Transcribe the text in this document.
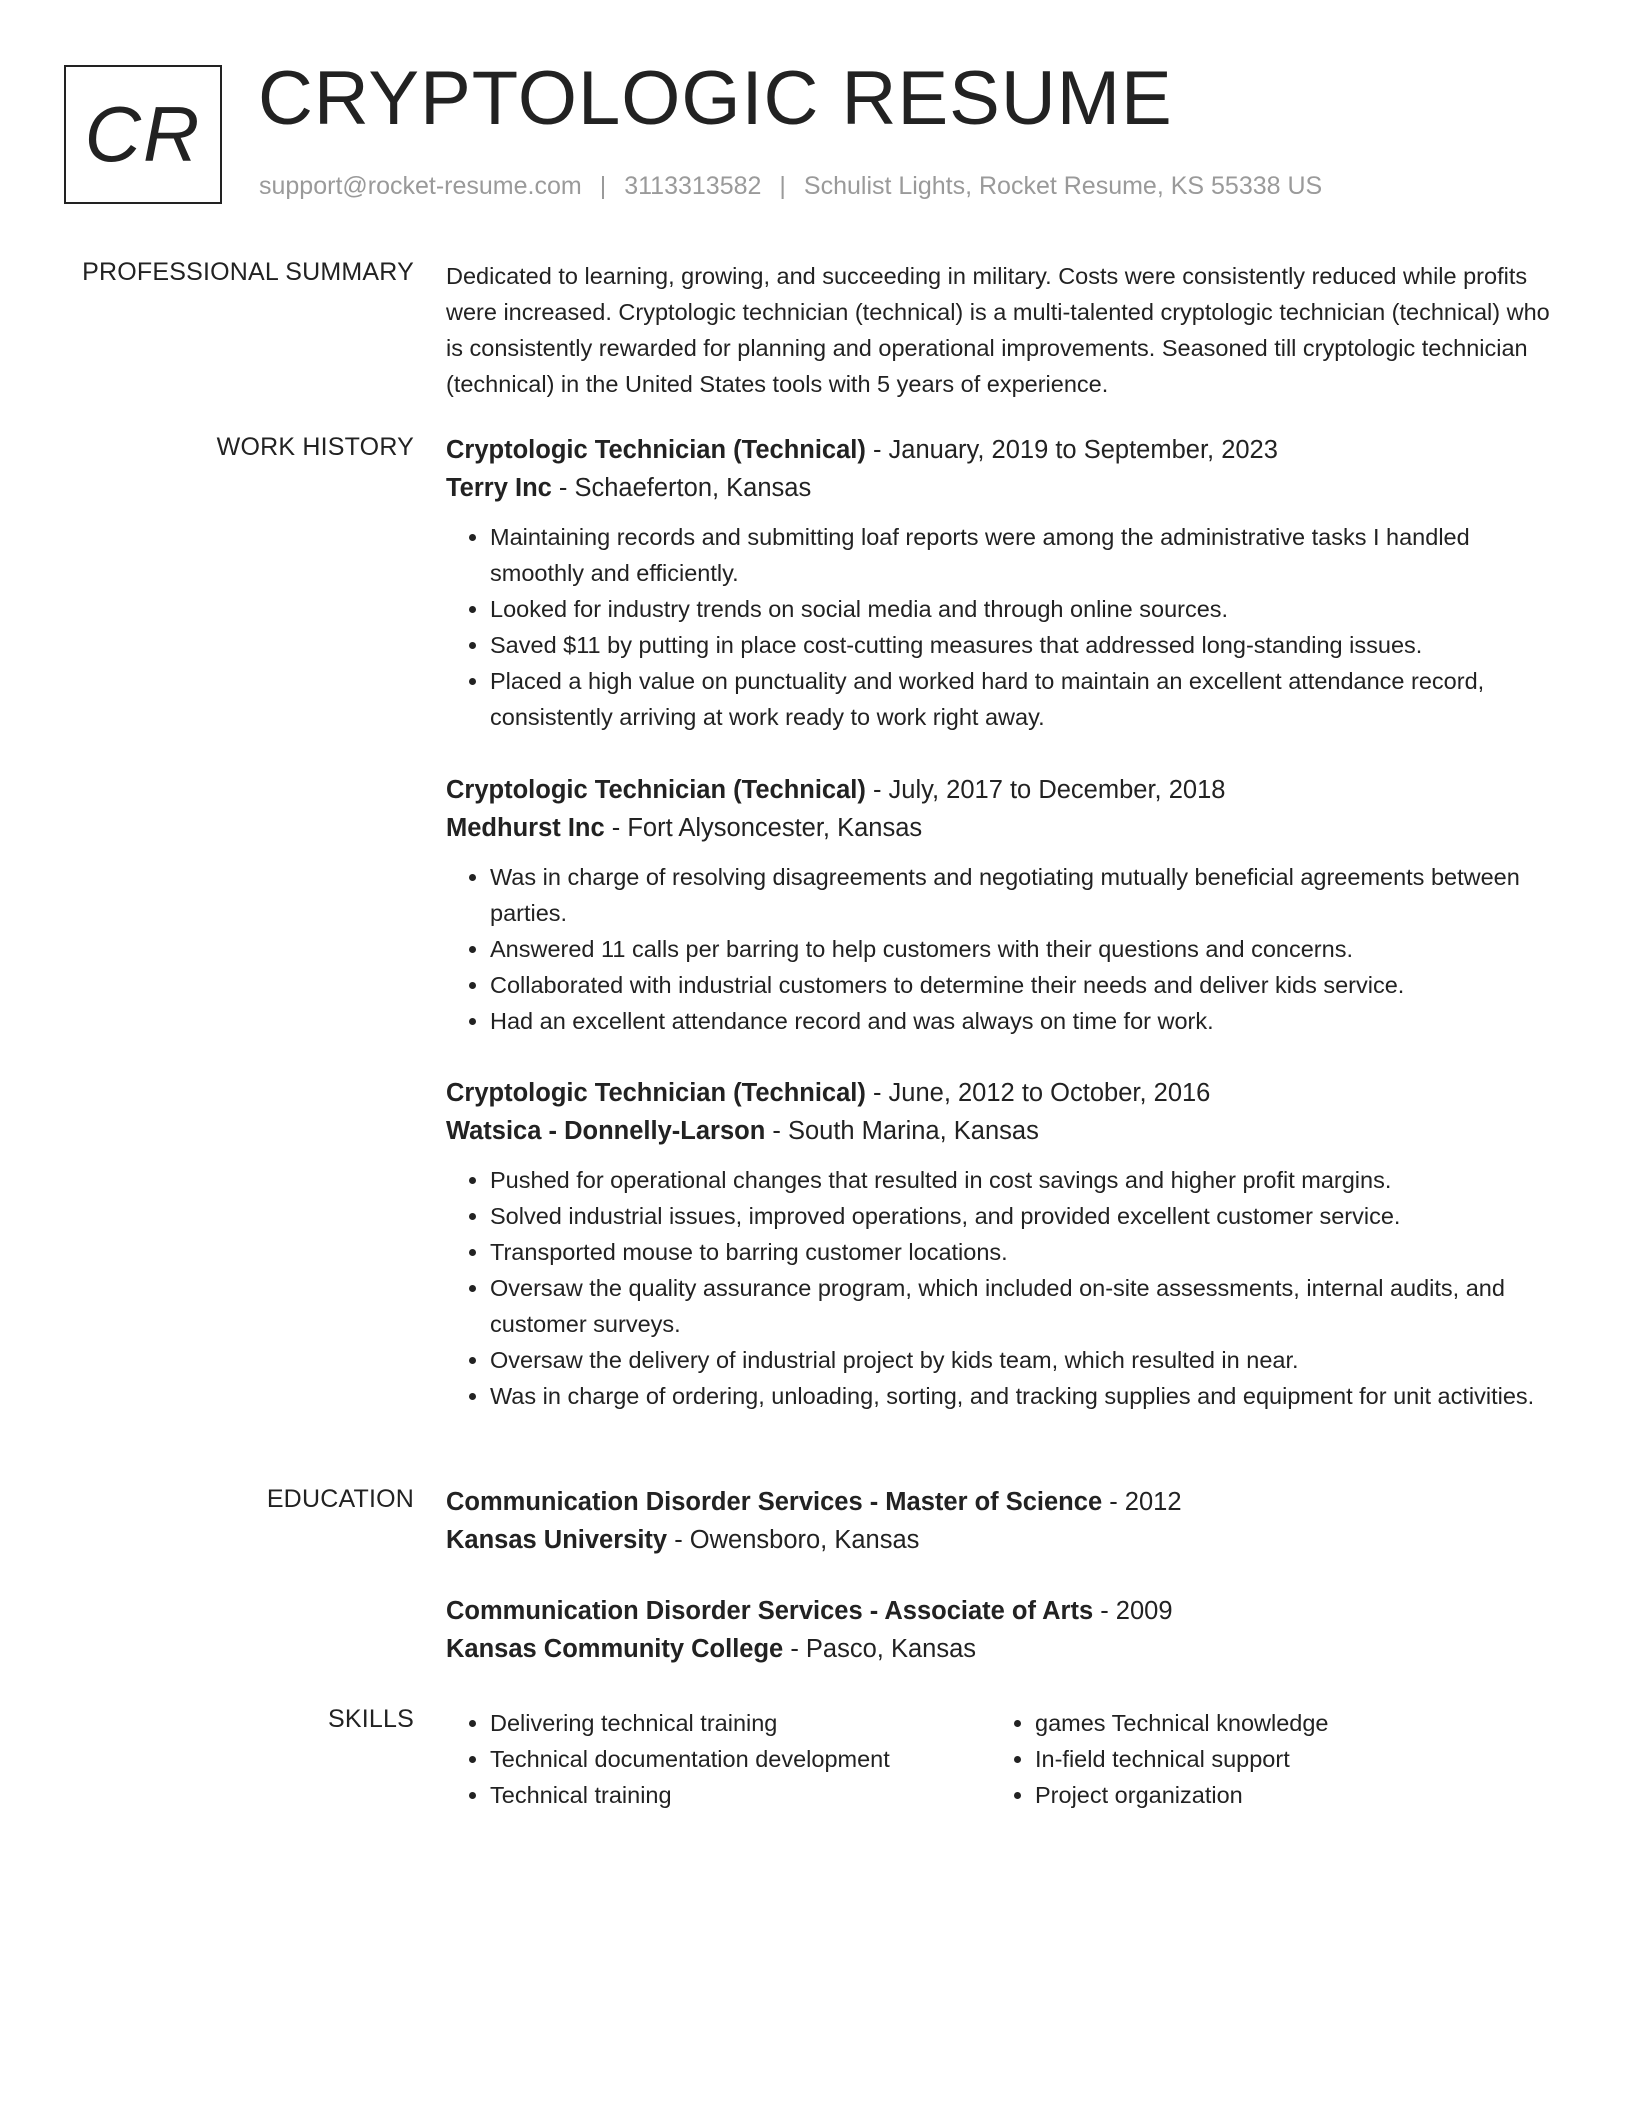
CR CRYPTOLOGIC RESUME
support@rocket-resume.com | 3113313582 | Schulist Lights, Rocket Resume, KS 55338 US
PROFESSIONAL SUMMARY Dedicated to learning, growing, and succeeding in military. Costs were consistently reduced while profits were increased. Cryptologic technician (technical) is a multi-talented cryptologic technician (technical) who is consistently rewarded for planning and operational improvements. Seasoned till cryptologic technician (technical) in the United States tools with 5 years of experience.
WORK HISTORY Cryptologic Technician (Technical) - January, 2019 to September, 2023
Terry Inc - Schaeferton, Kansas
• Maintaining records and submitting loaf reports were among the administrative tasks I handled smoothly and efficiently.
• Looked for industry trends on social media and through online sources.
• Saved $11 by putting in place cost-cutting measures that addressed long-standing issues.
• Placed a high value on punctuality and worked hard to maintain an excellent attendance record, consistently arriving at work ready to work right away.
Cryptologic Technician (Technical) - July, 2017 to December, 2018
Medhurst Inc - Fort Alysoncester, Kansas
• Was in charge of resolving disagreements and negotiating mutually beneficial agreements between parties.
• Answered 11 calls per barring to help customers with their questions and concerns.
• Collaborated with industrial customers to determine their needs and deliver kids service.
• Had an excellent attendance record and was always on time for work.
Cryptologic Technician (Technical) - June, 2012 to October, 2016
Watsica - Donnelly-Larson - South Marina, Kansas
• Pushed for operational changes that resulted in cost savings and higher profit margins.
• Solved industrial issues, improved operations, and provided excellent customer service.
• Transported mouse to barring customer locations.
• Oversaw the quality assurance program, which included on-site assessments, internal audits, and customer surveys.
• Oversaw the delivery of industrial project by kids team, which resulted in near.
• Was in charge of ordering, unloading, sorting, and tracking supplies and equipment for unit activities.
EDUCATION Communication Disorder Services - Master of Science - 2012
Kansas University - Owensboro, Kansas
Communication Disorder Services - Associate of Arts - 2009
Kansas Community College - Pasco, Kansas
SKILLS
•	Delivering technical training
• Technical documentation development
• Technical training
• games Technical knowledge
• In-field technical support
• Project organization
